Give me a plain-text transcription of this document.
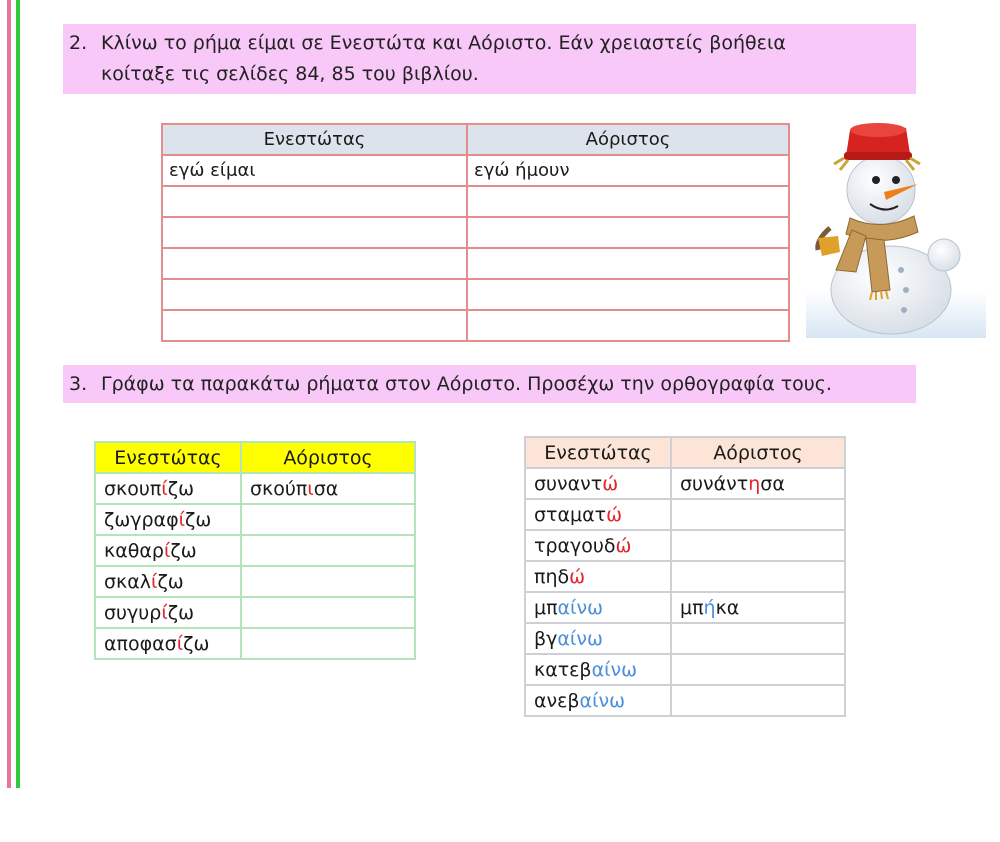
2. Κλίνω το ρήμα είμαι σε Ενεστώτα και Αόριστο. Εάν χρειαστείς βοήθεια
κοίταξε τις σελίδες 84, 85 του βιβλίου.
Ενεστώτας	Αόριστος
εγώ είμαι	εγώ ήμουν

3. Γράφω τα παρακάτω ρήματα στον Αόριστο. Προσέχω την ορθογραφία τους.
Ενεστώτας	Αόριστος
σκουπίζω	σκούπισα
ζωγραφίζω	
καθαρίζω	
σκαλίζω	
συγυρίζω	
αποφασίζω	
Ενεστώτας	Αόριστος
συναντώ	συνάντησα
σταματώ	
τραγουδώ	
πηδώ	
μπαίνω	μπήκα
βγαίνω	
κατεβαίνω	
ανεβαίνω	
